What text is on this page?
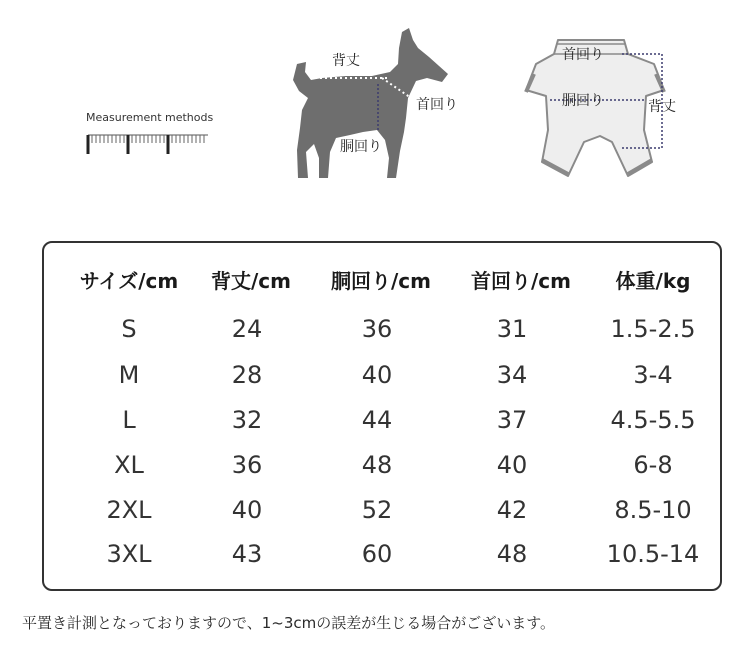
Measurement methods
背丈
首回り
胴回り
首回り
胴回り	背丈
サイズ/cm	背丈/cm	胴回り/cm	首回り/cm	体重/kg
S	24	36	31	1.5-2.5
M	28	40	34	3-4
L	32	44	37	4.5-5.5
XL	36	48	40	6-8
2XL	40	52	42	8.5-10
3XL	43	60	48	10.5-14
平置き計測となっておりますので、1~3cmの誤差が生じる場合がございます。
